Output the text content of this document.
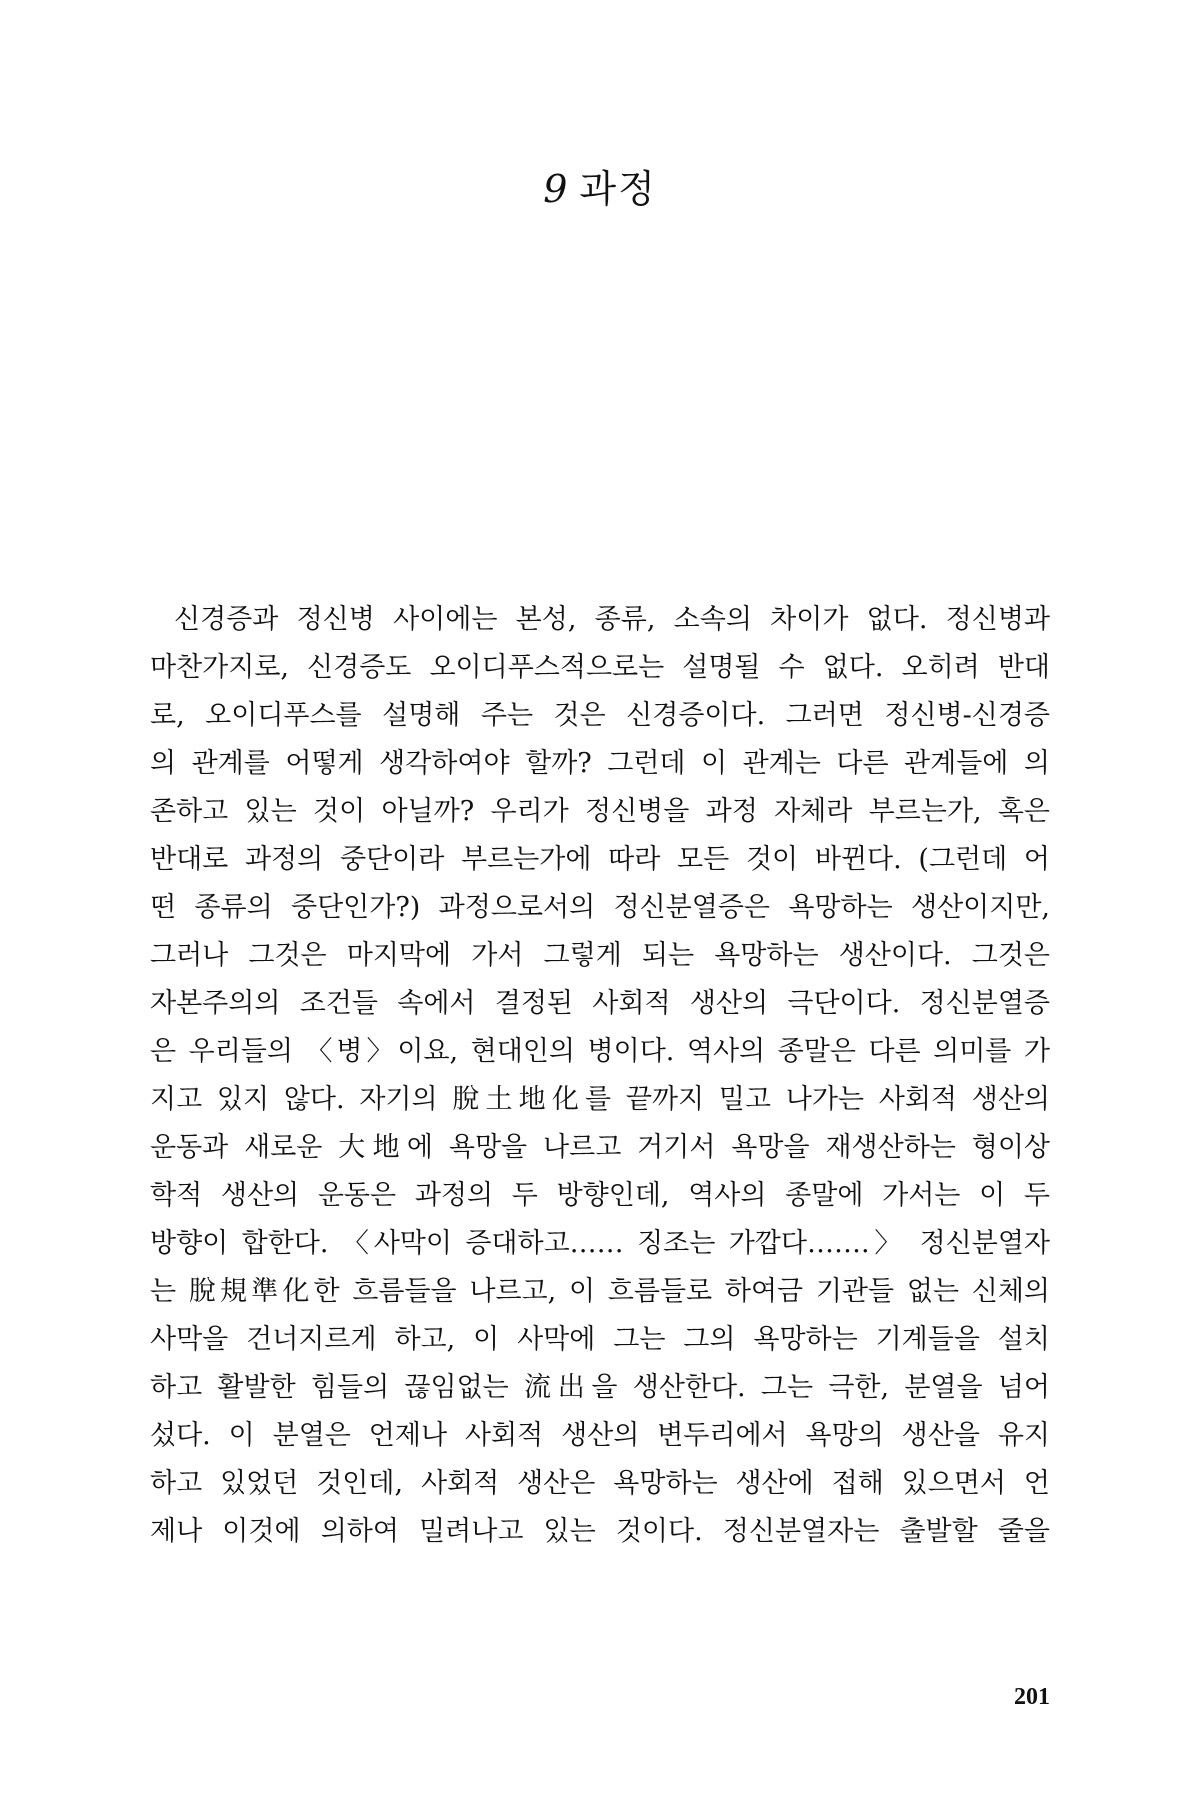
9 과정
신경증과 정신병 사이에는 본성, 종류, 소속의 차이가 없다. 정신병과
마찬가지로, 신경증도 오이디푸스적으로는 설명될 수 없다. 오히려 반대
로, 오이디푸스를 설명해 주는 것은 신경증이다. 그러면 정신병-신경증
의 관계를 어떻게 생각하여야 할까? 그런데 이 관계는 다른 관계들에 의
존하고 있는 것이 아닐까? 우리가 정신병을 과정 자체라 부르는가, 혹은
반대로 과정의 중단이라 부르는가에 따라 모든 것이 바뀐다. (그런데 어
떤 종류의 중단인가?) 과정으로서의 정신분열증은 욕망하는 생산이지만,
그러나 그것은 마지막에 가서 그렇게 되는 욕망하는 생산이다. 그것은
자본주의의 조건들 속에서 결정된 사회적 생산의 극단이다. 정신분열증
은 우리들의 〈병〉이요, 현대인의 병이다. 역사의 종말은 다른 의미를 가
지고 있지 않다. 자기의 脫土地化를 끝까지 밀고 나가는 사회적 생산의
운동과 새로운 大地에 욕망을 나르고 거기서 욕망을 재생산하는 형이상
학적 생산의 운동은 과정의 두 방향인데, 역사의 종말에 가서는 이 두
방향이 합한다. 〈사막이 증대하고…… 징조는 가깝다…….〉 정신분열자
는 脫規準化한 흐름들을 나르고, 이 흐름들로 하여금 기관들 없는 신체의
사막을 건너지르게 하고, 이 사막에 그는 그의 욕망하는 기계들을 설치
하고 활발한 힘들의 끊임없는 流出을 생산한다. 그는 극한, 분열을 넘어
섰다. 이 분열은 언제나 사회적 생산의 변두리에서 욕망의 생산을 유지
하고 있었던 것인데, 사회적 생산은 욕망하는 생산에 접해 있으면서 언
제나 이것에 의하여 밀려나고 있는 것이다. 정신분열자는 출발할 줄을
201
